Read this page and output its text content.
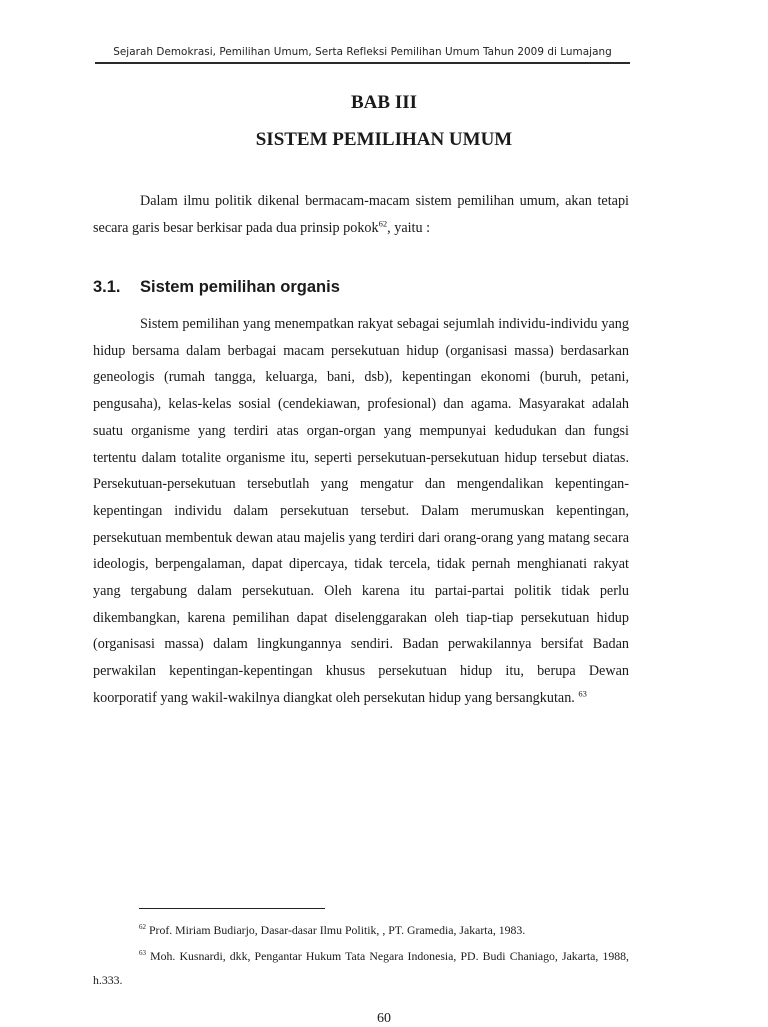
Sejarah Demokrasi, Pemilihan Umum, Serta Refleksi Pemilihan Umum Tahun 2009 di Lumajang
BAB III
SISTEM PEMILIHAN UMUM

Dalam ilmu politik dikenal bermacam-macam sistem pemilihan umum, akan tetapi secara garis besar berkisar pada dua prinsip pokok$^{62}$, yaitu :

3.1. Sistem pemilihan organis

Sistem pemilihan yang menempatkan rakyat sebagai sejumlah individu-individu yang hidup bersama dalam berbagai macam persekutuan hidup (organisasi massa) berdasarkan geneologis (rumah tangga, keluarga, bani, dsb), kepentingan ekonomi (buruh, petani, pengusaha), kelas-kelas sosial (cendekiawan, profesional) dan agama. Masyarakat adalah suatu organisme yang terdiri atas organ-organ yang mempunyai kedudukan dan fungsi tertentu dalam totalite organisme itu, seperti persekutuan-persekutuan hidup tersebut diatas. Persekutuan-persekutuan tersebutlah yang mengatur dan mengendalikan kepentingan-kepentingan individu dalam persekutuan tersebut. Dalam merumuskan kepentingan, persekutuan membentuk dewan atau majelis yang terdiri dari orang-orang yang matang secara ideologis, berpengalaman, dapat dipercaya, tidak tercela, tidak pernah menghianati rakyat yang tergabung dalam persekutuan. Oleh karena itu partai-partai politik tidak perlu dikembangkan, karena pemilihan dapat diselenggarakan oleh tiap-tiap persekutuan hidup (organisasi massa) dalam lingkungannya sendiri. Badan perwakilannya bersifat Badan perwakilan kepentingan-kepentingan khusus persekutuan hidup itu, berupa Dewan koorporatif yang wakil-wakilnya diangkat oleh persekutan hidup yang bersangkutan. $^{63}$

$^{62}$ Prof. Miriam Budiarjo, Dasar-dasar Ilmu Politik, , PT. Gramedia, Jakarta, 1983.

$^{63}$ Moh. Kusnardi, dkk, Pengantar Hukum Tata Negara Indonesia, PD. Budi Chaniago, Jakarta, 1988, h.333.

60
